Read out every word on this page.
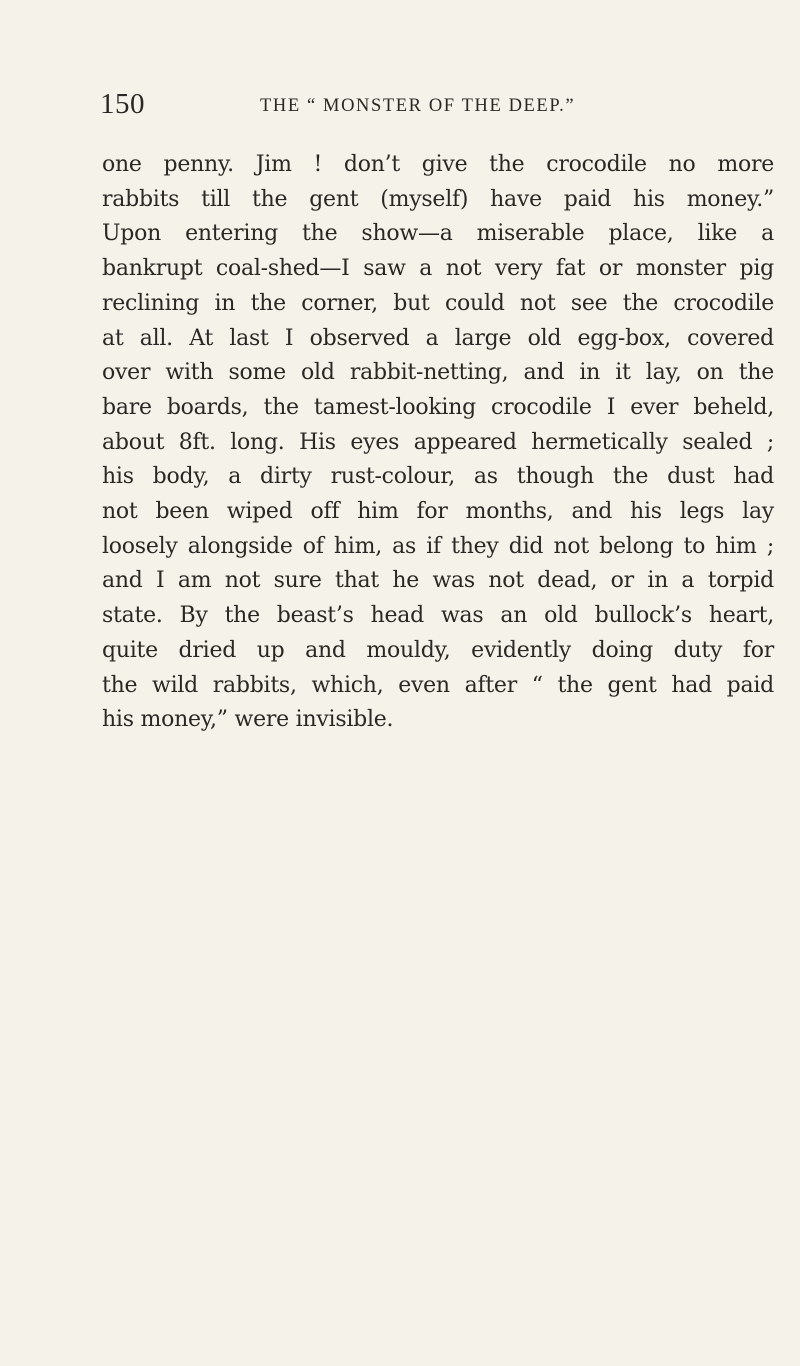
150	THE “ MONSTER OF THE DEEP.”
one penny. Jim ! don’t give the crocodile no more
rabbits till the gent (myself) have paid his money.”
Upon entering the show—a miserable place, like a
bankrupt coal-shed—I saw a not very fat or monster pig
reclining in the corner, but could not see the crocodile
at all. At last I observed a large old egg-box, covered
over with some old rabbit-netting, and in it lay, on the
bare boards, the tamest-looking crocodile I ever beheld,
about 8ft. long. His eyes appeared hermetically sealed ;
his body, a dirty rust-colour, as though the dust had
not been wiped off him for months, and his legs lay
loosely alongside of him, as if they did not belong to him ;
and I am not sure that he was not dead, or in a torpid
state. By the beast’s head was an old bullock’s heart,
quite dried up and mouldy, evidently doing duty for
the wild rabbits, which, even after “ the gent had paid
his money,” were invisible.
